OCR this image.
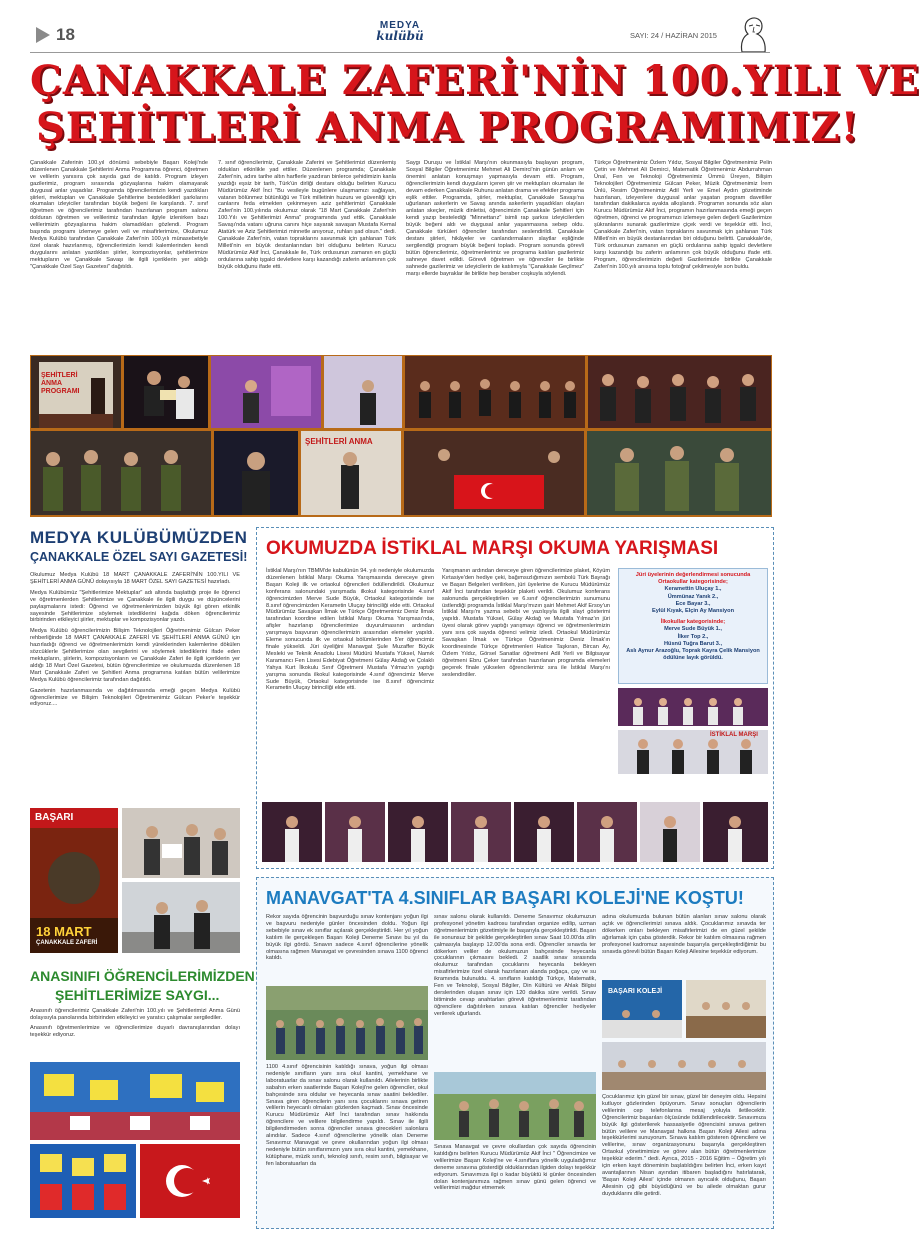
18	MEDYA
kulübü	SAYI: 24 / HAZİRAN 2015
ÇANAKKALE ZAFERİ'NİN 100.YILI VE
ŞEHİTLERİ ANMA PROGRAMIMIZ!
Çanakkale Zaferinin 100.yıl dönümü sebebiyle Başarı Koleji'nde düzenlenen Çanakkale Şehitlerini Anma Programına öğrenci, öğretmen ve velilerin yanısıra çok sayıda gazi de katıldı. Program izleyen gazilerimiz, program sırasında gözyaşlarına hakim olamayarak duygusal anlar yaşadılar. Programda öğrencilerimizin kendi yazdıkları şiirleri, mektupları ve Çanakkale Şehitlerine besteledikleri şarkılarını okumaları izleyiciler tarafından büyük beğeni ile karşılandı. 7. sınıf öğretmen ve öğrencilerimiz tarafından hazırlanan program salonu dolduran öğretmen ve velilerimiz tarafından ilgiyle izlenirken bazı velilerimizin gözyaşlarına hakim olamadıkları gözlendi. Program başında programı izlemeye gelen veli ve misafirlerimize, Okulumuz Medya Kulübü tarafından Çanakkale Zaferi'nin 100.yılı münasebetiyle özel olarak hazırlanmış, öğrencilerimizin kendi kalemlerinden kendi duygularını anlatan yazdıkları şiirler, kompozisyonlar, şehitlerimize mektupların ve Çanakkale Savaşı ile ilgili içeriklerin yer aldığı "Çanakkale Özel Sayı Gazetesi" dağıtıldı.
7. sınıf öğrencilerimiz, Çanakkale Zaferini ve Şehitlerimizi düzenlemiş oldukları etkinlikle yad ettiler. Düzenlenen programda; Çanakkale Zaferi'nin, adını tarihe altın harflerle yazdıran binlerce şehidimizin kanla yazdığı eşsiz bir tarih, Türk'ün dirliği destanı olduğu belirten Kurucu Müdürümüz Akif İnci "Bu vesileyle bugünlere ulaşmamızı sağlayan, vatanın bölünmez bütünlüğü ve Türk milletinin huzuru ve güvenliği için canlarını feda etmekten çekinmeyen aziz şehitlerimizi Çanakkale Zaferi'nin 100.yılında okulumuz olarak "18 Mart Çanakkale Zaferi'nin 100.Yılı ve Şehitlerimizi Anma" programında yad ettik. Çanakkale Savaşı'nda vatanı uğruna canını hiçe sayarak savaşan Mustafa Kemal Atatürk ve Aziz Şehitlerimizi minnetle anıyoruz, ruhları şad olsun." dedi. Çanakkale Zaferi'nin, vatan topraklarını savunmak için şahlanan Türk Milleti'nin en büyük destanlarından biri olduğunu belirten Kurucu Müdürümüz Akif İnci, Çanakkale ile, Türk ordusunun zamanın en güçlü ordularına sahip işgalci devletlere karşı kazandığı zaferin anlamının çok büyük olduğunu ifade etti.
Saygı Duruşu ve İstiklal Marşı'nın okunmasıyla başlayan program, Sosyal Bilgiler Öğretmenimiz Mehmet Ali Demirci'nin günün anlam ve önemini anlatan konuşmayı yapmasıyla devam etti. Program, öğrencilerimizin kendi duyguların içeren şiir ve mektupları okumaları ile devam ederken Çanakkale Ruhunu anlatan drama ve efektler programa eşlik ettiler. Programda, şiirler, mektuplar, Çanakkale Savaşı'na uğurlanan askerlerin ve Savaş anında askerlerin yaşadıkları olayları anlatan skeçler, müzik dinletisi, öğrencimizin Çanakkale Şehitleri için kendi yazıp bestelediği "Minnettarız" isimli rap şarkısı izleyicilerden büyük beğeni aldı ve duygusal anlar yaşanmasına sebep oldu. Çanakkale türküleri öğrenciler tarafından seslendirildi. Çanakkale destanı şiirleri, hikâyeler ve canlandırmaların slaytlar eşliğinde sergilendiği program büyük beğeni topladı. Program sonunda görevli bütün öğrencilerimiz, öğretmenlerimiz ve programa katılan gazilerimiz sahneye davet edildi. Görevli öğretmen ve öğrenciler ile birlikte sahnede gazilerimiz ve izleyicilerin de katılımıyla "Çanakkale Geçilmez" marşı ellerde bayraklar ile birlikte hep beraber coşkuyla söylendi.
Türkçe Öğretmenimiz Özlem Yıldız, Sosyal Bilgiler Öğretmenimiz Pelin Çetin ve Mehmet Ali Demirci, Matematik Öğretmenimiz Abdurrahman Ünal, Fen ve Teknoloji Öğretmenimiz Ümmü Üreyen, Bilişim Teknolojileri Öğretmenimiz Gülcan Peker, Müzik Öğretmenimiz İrem Ünlü, Resim Öğretmenimiz Adil Yerli ve Emel Aydın gözetiminde hazırlanan, izleyenlere duygusal anlar yaşatan program davetliler tarafından dakikalarca ayakta alkışlandı. Programın sonunda söz alan Kurucu Müdürümüz Akif İnci, programın hazırlanmasında emeği geçen öğretmen, öğrenci ve programımızı izlemeye gelen değerli Gazilerimize şükranlarını sunarak gazilerimize çiçek verdi ve teşekkür etti. İnci, Çanakkale Zaferi'nin, vatan topraklarını savunmak için şahlanan Türk Milleti'nin en büyük destanlarından biri olduğunu belirtti. Çanakkale'de, Türk ordusunun zamanın en güçlü ordularına sahip işgalci devletlere karşı kazandığı bu zaferin anlamının çok büyük olduğunu ifade etti. Program, öğrencilerimizin değerli Gazilerimizle birlikte Çanakkale Zaferi'nin 100.yılı anısına toplu fotoğraf çekilmesiyle son buldu.
ŞEHİTLERİ ANMA PROGRAMI
ŞEHİTLERİ ANMA
MEDYA KULÜBÜMÜZDEN
ÇANAKKALE ÖZEL SAYI GAZETESİ!

Okulumuz Medya Kulübü 18 MART ÇANAKKALE ZAFERİ'NİN 100.YILI VE ŞEHİTLERİ ANMA GÜNÜ dolayısıyla 18 MART ÖZEL SAYI GAZETESİ hazırladı.

Medya Kulübümüz "Şehitlerimize Mektuplar" adı altında başlattığı proje ile öğrenci ve öğretmenlerden Şehitlerimize ve Çanakkale ile ilgili duygu ve düşüncelerini paylaşmalarını istedi: Öğrenci ve öğretmenlerimizden büyük ilgi gören etkinlik sayesinde Şehitlerimize söylemek istediklerini kağıda döken öğrencilerimiz birbirinden etkileyici şiirler, mektuplar ve kompozisyonlar yazdı.

Medya Kulübü öğrencilerimizin Bilişim Teknolojileri Öğretmenimiz Gülcan Peker rehberliğinde 18 MART ÇANAKKALE ZAFERİ VE ŞEHİTLERİ ANMA GÜNÜ için hazırladığı öğrenci ve öğretmenlerimizin kendi yüreklerinden kalemlerine dökülen sözcüklerle Şehitlerimize olan sevgilerini ve söylemek istediklerini ifade eden mektupların, şiirlerin, kompozisyonların ve Çanakkale Zaferi ile ilgili içeriklerin yer aldığı 18 Mart Özel Gazetesi, bütün öğrencilerimize ve okulumuzda düzenlenen 18 Mart Çanakkale Zaferi ve Şehitleri Anma programına katılan bütün velilerimize Medya Kulübü öğrencilerimiz tarafından dağıtıldı.

Gazetenin hazırlanmasında ve dağıtılmasında emeği geçen Medya Kulübü öğrencilerimize ve Bilişim Teknolojileri Öğretmenimiz Gülcan Peker'e teşekkür ediyoruz....

BAŞARI
18 MART
ÇANAKKALE ZAFERİ
ANASINIFI ÖĞRENCİLERİMİZDEN
ŞEHİTLERİMİZE SAYGI...

Anasınıfı öğrencilerimiz Çanakkale Zaferi'nin 100.yılı ve Şehitlerimizi Anma Günü dolayısıyla panolarında birbirinden etkileyici ve yaratıcı çalışmalar sergilediler.

Anasınıfı öğretmenlerimize ve öğrencilerimize duyarlı davranışlarından dolayı teşekkür ediyoruz.

OKUMUZDA İSTİKLAL MARŞI OKUMA YARIŞMASI
İstiklal Marşı'nın TBMM'de kabulünün 94. yılı nedeniyle okulumuzda düzenlenen İstiklal Marşı Okuma Yarışmasında dereceye giren Başarı Koleji ilk ve ortaokul öğrencileri ödüllendirildi. Okulumuz konferans salonundaki yarışmada ilkokul kategorisinde 4.sınıf öğrencimizden Merve Sude Büyük, Ortaokul kategorisinde ise 8.sınıf öğrencimizden Kerametin Uluçay birinciliği elde etti. Ortaokul Müdürümüz Savaşkan İlmak ve Türkçe Öğretmenimiz Deniz İlmak tarafından koordine edilen İstiklal Marşı Okuma Yarışması'nda, afişler hazırlanıp öğrencilerimize duyurulmasının ardından yarışmaya başvuran öğrencilerimizin arasından elemeler yapıldı. Eleme sonucunda ilk ve ortaokul bölümlerinden 5'er öğrencimiz finale yükseldi. Jüri üyeliğini Manavgat Şule Muzaffer Büyük Mesleki ve Teknik Anadolu Lisesi Müdürü Mustafa Yüksel, Namık Karamancı Fen Lisesi Edebiyat Öğretmeni Gülay Akdağ ve Çolaklı Yahya Kurt İlkokulu Sınıf Öğretmeni Mustafa Yılmaz'ın yaptığı yarışma sonunda ilkokul kategorisinde 4.sınıf öğrencimiz Merve Sude Büyük, Ortaokul kategorisinde ise 8.sınıf öğrencimiz Kerametin Uluçay birinciliği elde etti.
Yarışmanın ardından dereceye giren öğrencilerimize plaket, Köyüm Kırtasiye'den hediye çeki, bağımsızlığımızın sembolü Türk Bayrağı ve Başarı Belgeleri verilirken, jüri üyelerine de Kurucu Müdürümüz Akif İnci tarafından teşekkür plaketi verildi. Okulumuz konferans salonunda gerçekleştirilen ve 6.sınıf öğrencilerimizin sunumunu üstlendiği programda İstiklal Marşı'mızın şairi Mehmet Akif Ersoy'un İstiklal Marşı'nı yazma sebebi ve yazılışıyla ilgili slayt gösterimi yapıldı. Mustafa Yüksel, Gülay Akdağ ve Mustafa Yılmaz'ın jüri üyesi olarak görev yaptığı yarışmayı öğrenci ve öğretmenlerimizin yanı sıra çok sayıda öğrenci velimiz izledi. Ortaokul Müdürümüz Savaşkan İlmak ve Türkçe Öğretmenimiz Deniz İlmak'ın koordinesinde Türkçe öğretmenleri Hatice Taşkıran, Bircan Ay, Özlem Yıldız, Görsel Sanatlar öğretmeni Adil Yerli ve Bilgisayar öğretmeni Ebru Çeker tarafından hazırlanan programda elemeleri geçerek finale yükselen öğrencilerimiz sıra ile İstiklal Marşı'nı seslendirdiler.
Jüri üyelerinin değerlendirmesi sonucunda
Ortaokullar kategorisinde;
Keramettin Uluçay 1.,
Ümmünaz Yanık 2.,
Ece Bayar 3.,
Eylül Kıyak, Elçin Ay Mansiyon
İlkokullar kategorisinde;
Merve Sude Büyük 1.,
İlker Top 2.,
Hüsnü Tuğra Barut 3.,
Aslı Aynur Arazoğlu, Toprak Kayra Çelik Mansiyon ödülüne layık görüldü.
İSTİKLAL MARŞI
MANAVGAT'TA 4.SINIFLAR BAŞARI KOLEJİ'NE KOŞTU!
Rekor sayıda öğrencinin başvurduğu sınav kontenjanı yoğun ilgi ve başvuru nedeniyle günler öncesinden doldu. Yoğun ilgi sebebiyle sınav ek sınıflar açılarak gerçekleştirildi. Her yıl yoğun katılım ile gerçekleşen Başarı Koleji Deneme Sınavı bu yıl da büyük ilgi gördü. Sınavın sadece 4.sınıf öğrencilerine yönelik olmasına rağmen Manavgat ve çevresinden sınava 1100 öğrenci katıldı.
1100 4.sınıf öğrencisinin katıldığı sınava, yoğun ilgi olması nedeniyle sınıfların yanı sıra okul kantini, yemekhane ve laboratuarlar da sınav salonu olarak kullanıldı. Ailelerinin birlikte sabahın erken saatlerinde Başarı Koleji'ne gelen öğrenciler, okul bahçesinde sıra oldular ve heyecanla sınav saatini beklediler. Sınava giren öğrencilerin yanı sıra çocuklarını sınava getiren velilerin heyecanlı olmaları gözlerden kaçmadı. Sınav öncesinde Kurucu Müdürümüz Akif İnci tarafından sınav hakkında öğrencilere ve velilere bilgilendirme yapıldı. Sınav ile ilgili bilgilendirmeden sonra öğrenciler sınava girecekleri salonlara alındılar. Sadece 4.sınıf öğrencilerine yönelik olan Deneme Sınavımız Manavgat ve çevre okullarından yoğun ilgi olması nedeniyle bütün sınıflarımızın yanı sıra okul kantini, yemekhane, kütüphane, müzik sınıfı, teknoloji sınıfı, resim sınıfı, bilgisayar ve fen laboratuarları da
sınav salonu olarak kullanıldı. Deneme Sınavımız okulumuzun profesyonel yönetim kadrosu tarafından organize edilip, uzman öğretmenlerimizin gözetimiyle ile başarıyla gerçekleştirildi. Başarı ile sonunsuz bir şekilde gerçekleştirilen sınav Saat 10.00'da zilin çalmasıyla başlayıp 12.00'da sona erdi. Öğrenciler sınavda ter dökerken veliler de okulumuzun bahçesinde heyecanla çocuklarının çıkmasını bekledi. 2 saatlik sınav sırasında okulumuz tarafından çocuklarını heyecanla bekleyen misafirlerimize özel olarak hazırlanan alanda poğaça, çay ve su ikramında bulunuldu. 4. sınıfların katıldığı Türkçe, Matematik, Fen ve Teknoloji, Sosyal Bilgiler, Din Kültürü ve Ahlak Bilgisi derslerinden oluşan sınav için 120 dakika süre verildi. Sınav bitiminde cevap anahtarları görevli öğretmenlerimiz tarafından öğrencilere dağıtılırken sınava katılan öğrenciler hediyeler verilerek uğurlandı.
Sınava Manavgat ve çevre okullardan çok sayıda öğrencinin katıldığını belirten Kurucu Müdürümüz Akif İnci " Öğrencimize ve velilerimize Başarı Koleji'ne ve 4.sınıflara yönelik uyguladığımız deneme sınavına gösterdiği olduklarından ilgiden dolayı teşekkür ediyorum. Sınavımıza ilgi o kadar büyüktü ki günler öncesinden dolan kontenjanımıza rağmen sınav günü gelen öğrenci ve velilerimizi mağdur etmemek
adına okulumuzda bulunan bütün alanları sınav salonu olarak açtık ve öğrencilerimizi sınava aldık. Çocuklarımız sınavda ter dökerken onları bekleyen misafirlerimizi de en güzel şekilde ağırlamak için çaba gösterdik. Rekor bir katılım olmasına rağmen profesyonel kadromuz sayesinde başarıyla gerçekleştirdiğimiz bu sınavda görevli bütün Başarı Koleji Ailesine teşekkür ediyorum.
BAŞARI KOLEJİ
Çocuklarımız için güzel bir sınav, güzel bir deneyim oldu. Hepsini kutluyor gözlerinden öpüyorum. Sınav sonuçları öğrencilerin velilerinin cep telefonlarına mesaj yoluyla iletilecektir. Öğrencilerimiz başarıları ölçüsünde ödüllendirilecektir. Sınavımıza büyük ilgi gösterilerek hassasiyetle öğrencisini sınava getiren bütün velilere ve Manavgat halkına Başarı Koleji Ailesi adına teşekkürlerimi sunuyorum. Sınava katılım gösteren öğrencilere ve velilerine, sınav organizasyonunu başarıyla gerçekleştiren Ortaokul yönetimimize ve görev alan bütün öğretmenlerimize teşekkür ederim." dedi. Ayrıca, 2015 - 2016 Eğitim – Öğretim yılı için erken kayıt döneminin başlatıldığını belirten İnci, erken kayıt avantajlarının Nisan ayından itibaren başladığını hatırlatarak, 'Başarı Koleji Ailesi' içinde olmanın ayrıcalık olduğunu, Başarı Ailesinin çığ gibi büyüdüğünü ve bu ailede olmaktan gurur duyduklarını dile getirdi.
